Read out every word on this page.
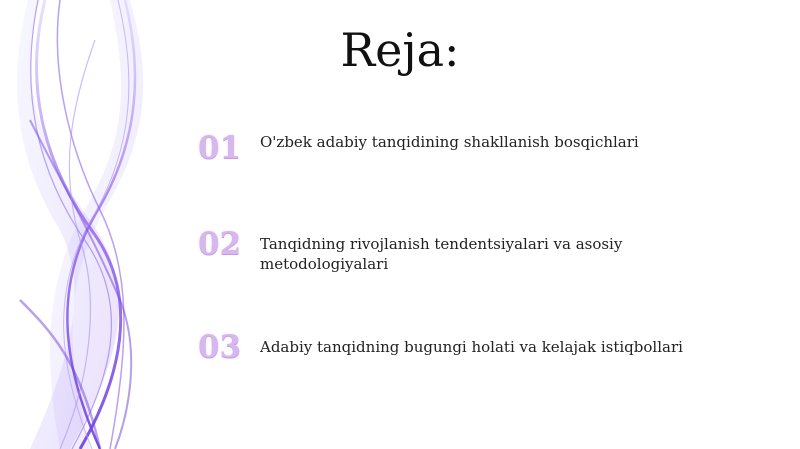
Reja:
01	O'zbek adabiy tanqidining shakllanish bosqichlari
02	Tanqidning rivojlanish tendentsiyalari va asosiy metodologiyalari
03	Adabiy tanqidning bugungi holati va kelajak istiqbollari
